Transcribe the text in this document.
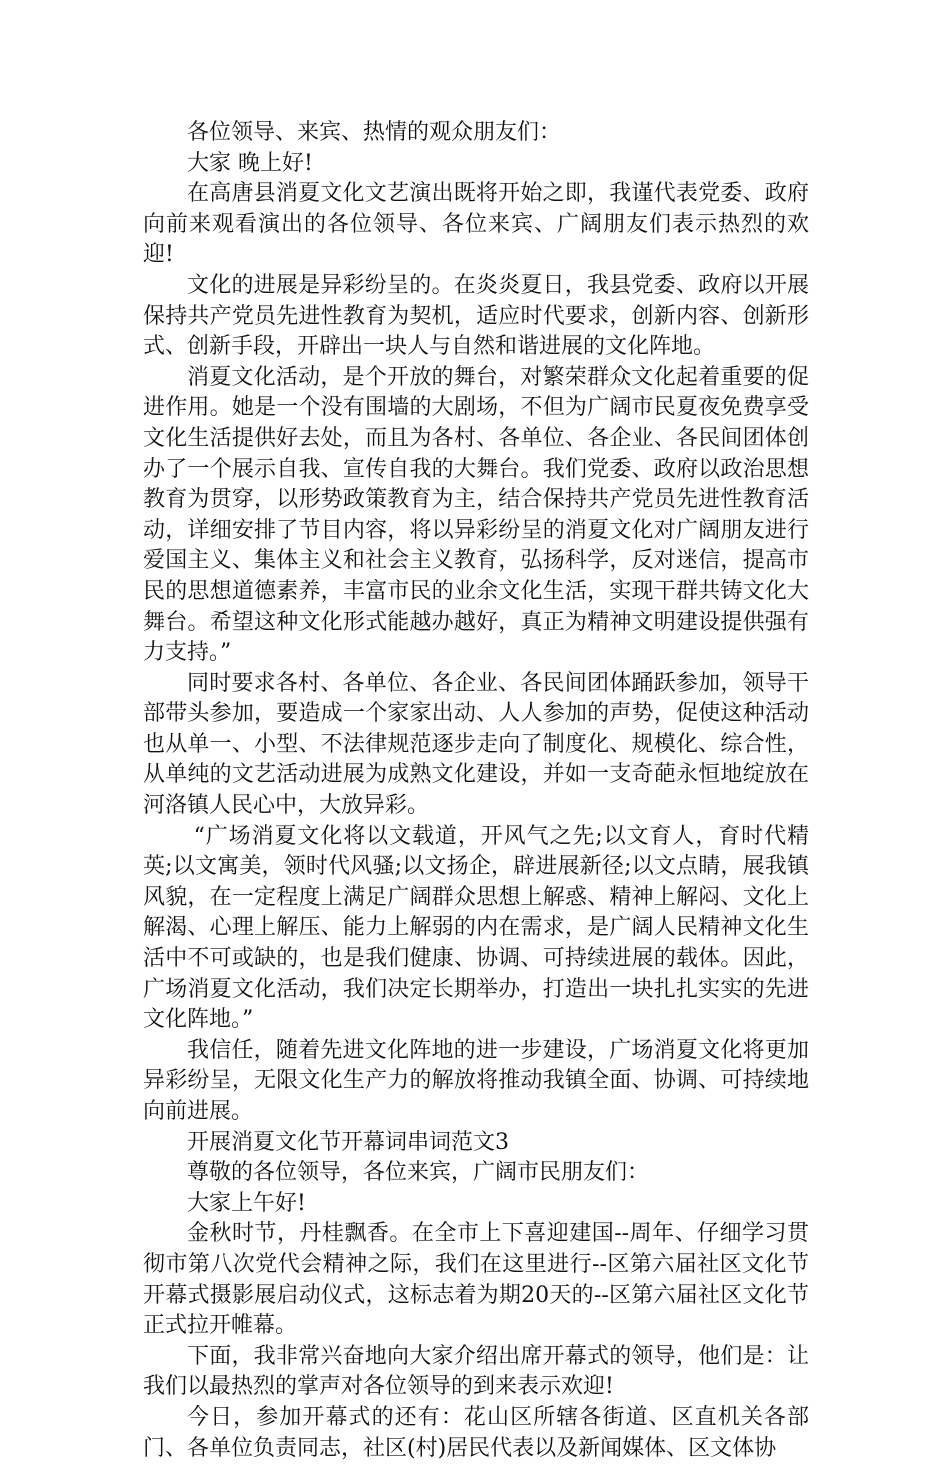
各位领导、来宾、热情的观众朋友们：

大家 晚上好!

在高唐县消夏文化文艺演出既将开始之即，我谨代表党委、政府向前来观看演出的各位领导、各位来宾、广阔朋友们表示热烈的欢迎!

文化的进展是异彩纷呈的。在炎炎夏日，我县党委、政府以开展保持共产党员先进性教育为契机，适应时代要求，创新内容、创新形式、创新手段，开辟出一块人与自然和谐进展的文化阵地。

消夏文化活动，是个开放的舞台，对繁荣群众文化起着重要的促进作用。她是一个没有围墙的大剧场，不但为广阔市民夏夜免费享受文化生活提供好去处，而且为各村、各单位、各企业、各民间团体创办了一个展示自我、宣传自我的大舞台。我们党委、政府以政治思想教育为贯穿，以形势政策教育为主，结合保持共产党员先进性教育活动，详细安排了节目内容，将以异彩纷呈的消夏文化对广阔朋友进行爱国主义、集体主义和社会主义教育，弘扬科学，反对迷信，提高市民的思想道德素养，丰富市民的业余文化生活，实现干群共铸文化大舞台。希望这种文化形式能越办越好，真正为精神文明建设提供强有力支持。”

同时要求各村、各单位、各企业、各民间团体踊跃参加，领导干部带头参加，要造成一个家家出动、人人参加的声势，促使这种活动也从单一、小型、不法律规范逐步走向了制度化、规模化、综合性，从单纯的文艺活动进展为成熟文化建设，并如一支奇葩永恒地绽放在河洛镇人民心中，大放异彩。

“广场消夏文化将以文载道，开风气之先;以文育人，育时代精英;以文寓美，领时代风骚;以文扬企，辟进展新径;以文点睛，展我镇风貌，在一定程度上满足广阔群众思想上解惑、精神上解闷、文化上解渴、心理上解压、能力上解弱的内在需求，是广阔人民精神文化生活中不可或缺的，也是我们健康、协调、可持续进展的载体。因此，广场消夏文化活动，我们决定长期举办，打造出一块扎扎实实的先进文化阵地。”

我信任，随着先进文化阵地的进一步建设，广场消夏文化将更加异彩纷呈，无限文化生产力的解放将推动我镇全面、协调、可持续地向前进展。

开展消夏文化节开幕词串词范文3

尊敬的各位领导，各位来宾，广阔市民朋友们：

大家上午好!

金秋时节，丹桂飘香。在全市上下喜迎建国--周年、仔细学习贯彻市第八次党代会精神之际，我们在这里进行--区第六届社区文化节开幕式摄影展启动仪式，这标志着为期20天的--区第六届社区文化节正式拉开帷幕。

下面，我非常兴奋地向大家介绍出席开幕式的领导，他们是：让我们以最热烈的掌声对各位领导的到来表示欢迎!

今日，参加开幕式的还有：花山区所辖各街道、区直机关各部门、各单位负责同志，社区(村)居民代表以及新闻媒体、区文体协
